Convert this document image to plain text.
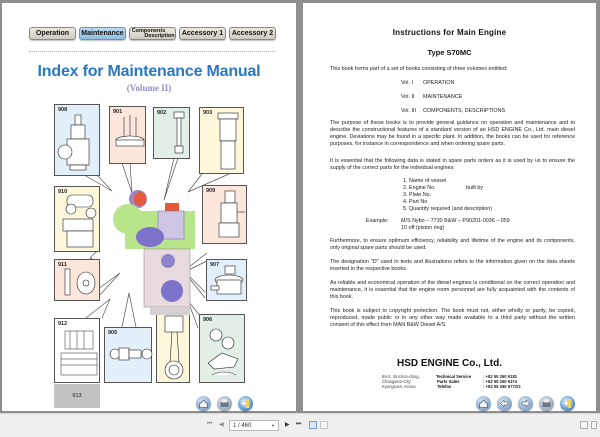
Operation	Maintenance	Components
Description	Accessory 1	Accessory 2
Index for Maintenance Manual
(Volume II)
908	901	902	903
910	909
911	907
912
905
906
913
Instructions for Main Engine
Type S70MC
This book forms part of a set of books consisting of three volumes entitled:
Vol. I OPERATION
Vol. II MAINTENANCE
Vol. III COMPONENTS, DESCRIPTIONS
The purpose of these books is to provide general guidance on operation and maintenance and to describe the constructional features of a standard version of an HSD ENGINE Co., Ltd. main diesel engine. Deviations may be found in a specific plant. In addition, the books can be used for reference purposes, for instance in correspondence and when ordering spare parts.
It is essential that the following data is stated in spare parts orders as it is used by us to ensure the supply of the correct parts for the individual engines:
1. Name of vessel
2. Engine No.	built by
3. Plate No.
4. Part No.
5. Quantity required (and description)
Example: M/S Nybo – 7730 B&W – P90201-0036 – 059
10 off (piston ring)
Furthermore, to ensure optimum efficiency, reliability and lifetime of the engine and its components, only original spare parts should be used.
The designation "D" used in texts and illustrations refers to the information given on the data sheets inserted in the respective books.
As reliable and economical operation of the diesel engines is conditional on the correct operation and maintenance, it is essential that the engine room personnel are fully acquainted with the contents of this book.
This book is subject to copyright protection. The book must not, either wholly or partly, be copied, reproduced, made public or in any other way made available to a third party without the written consent of this effect from MAN B&W Diesel A/S.
HSD ENGINE Co., Ltd.
69-3, Sinchon-dong,
Changwon-City
Kyungnam, Korea
Technical Service
Parts Sales
Telefax
: +82 55 260 6181
: +82 55 260 6374
: +82 55 260 6772/3
⏮ ◀	1 / 460	▼ ▶ ⏭
